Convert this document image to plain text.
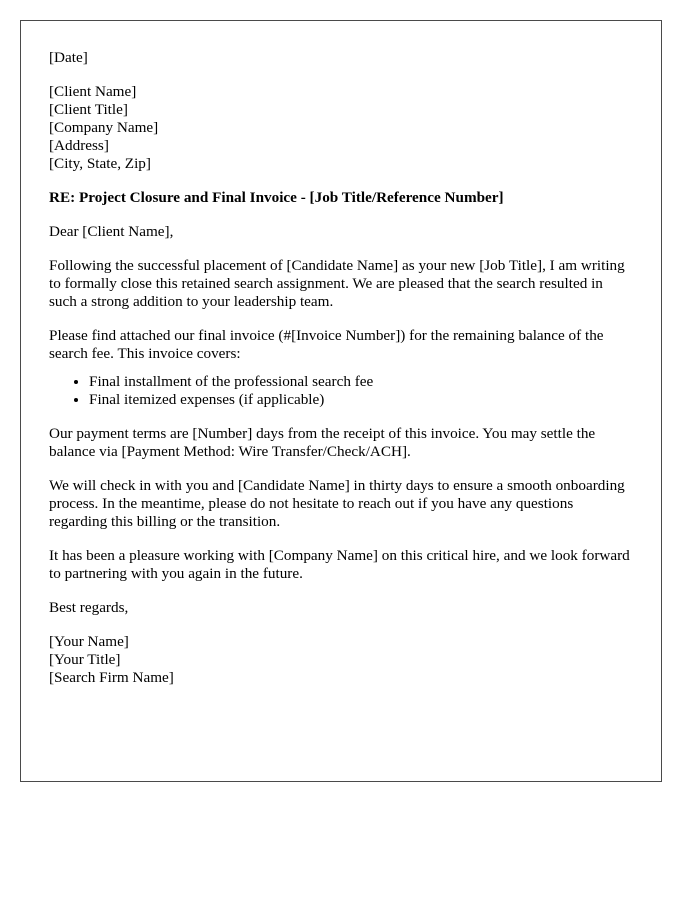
[Date]

[Client Name]
[Client Title]
[Company Name]
[Address]
[City, State, Zip]

RE: Project Closure and Final Invoice - [Job Title/Reference Number]

Dear [Client Name],

Following the successful placement of [Candidate Name] as your new [Job Title], I am writing to formally close this retained search assignment. We are pleased that the search resulted in such a strong addition to your leadership team.

Please find attached our final invoice (#[Invoice Number]) for the remaining balance of the search fee. This invoice covers:

• Final installment of the professional search fee
• Final itemized expenses (if applicable)

Our payment terms are [Number] days from the receipt of this invoice. You may settle the balance via [Payment Method: Wire Transfer/Check/ACH].

We will check in with you and [Candidate Name] in thirty days to ensure a smooth onboarding process. In the meantime, please do not hesitate to reach out if you have any questions regarding this billing or the transition.

It has been a pleasure working with [Company Name] on this critical hire, and we look forward to partnering with you again in the future.

Best regards,

[Your Name]
[Your Title]
[Search Firm Name]
